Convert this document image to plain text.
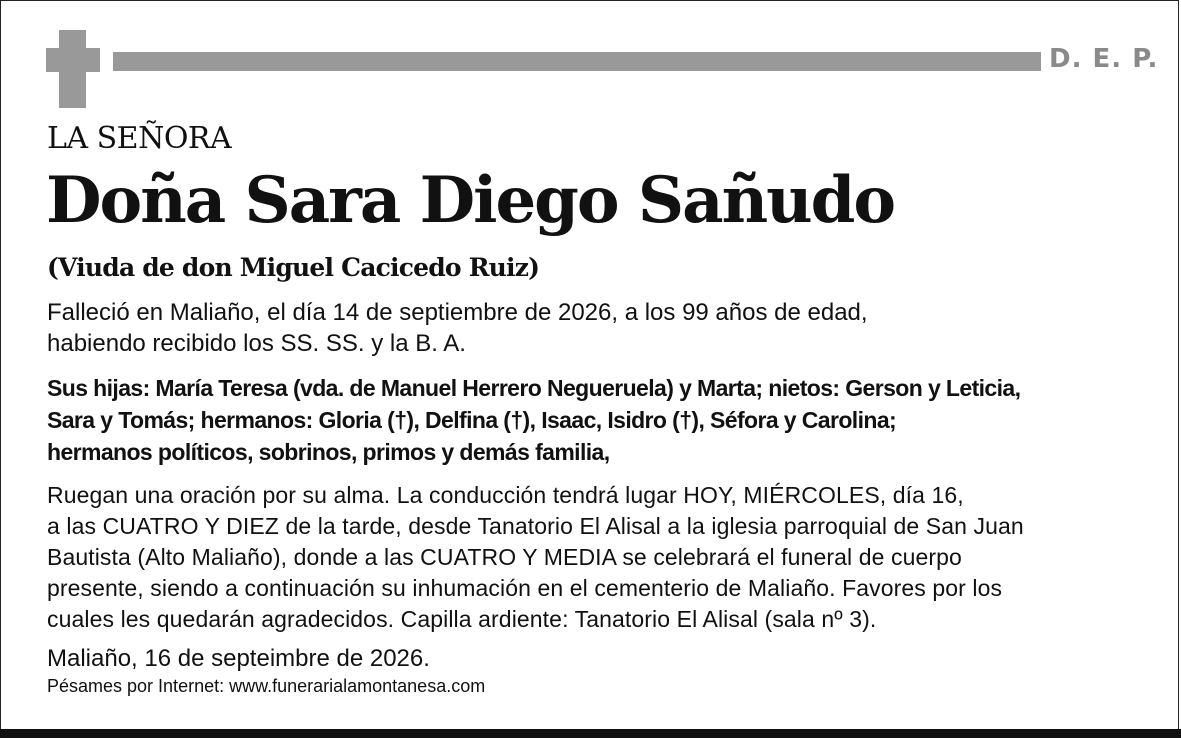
D. E. P.
LA SEÑORA
Doña Sara Diego Sañudo
(Viuda de don Miguel Cacicedo Ruiz)
Falleció en Maliaño, el día 14 de septiembre de 2026, a los 99 años de edad,
habiendo recibido los SS. SS. y la B. A.
Sus hijas: María Teresa (vda. de Manuel Herrero Negueruela) y Marta; nietos: Gerson y Leticia,
Sara y Tomás; hermanos: Gloria (†), Delfina (†), Isaac, Isidro (†), Séfora y Carolina;
hermanos políticos, sobrinos, primos y demás familia,
Ruegan una oración por su alma. La conducción tendrá lugar HOY, MIÉRCOLES, día 16,
a las CUATRO Y DIEZ de la tarde, desde Tanatorio El Alisal a la iglesia parroquial de San Juan
Bautista (Alto Maliaño), donde a las CUATRO Y MEDIA se celebrará el funeral de cuerpo
presente, siendo a continuación su inhumación en el cementerio de Maliaño. Favores por los
cuales les quedarán agradecidos. Capilla ardiente: Tanatorio El Alisal (sala nº 3).
Maliaño, 16 de septeimbre de 2026.
Pésames por Internet: www.funerarialamontanesa.com
